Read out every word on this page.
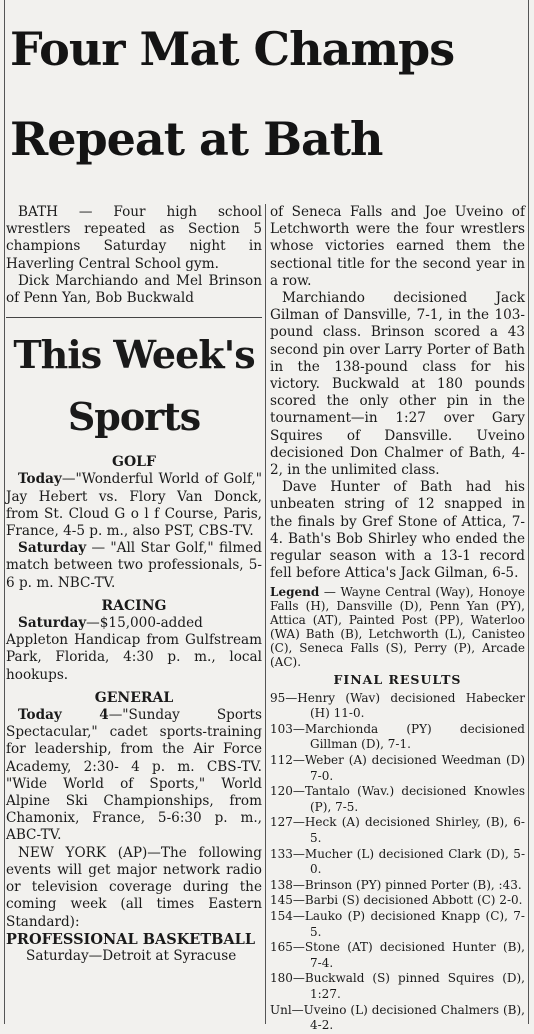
Four Mat Champs
Repeat at Bath

BATH — Four high school wrestlers repeated as Section 5 champions Saturday night in Haverling Central School gym.

Dick Marchiando and Mel Brinson of Penn Yan, Bob Buckwald

This Week's
Sports
GOLF

Today—"Wonderful World of Golf," Jay Hebert vs. Flory Van Donck, from St. Cloud G o l f Course, Paris, France, 4-5 p. m., also PST, CBS-TV.

Saturday — "All Star Golf," filmed match between two professionals, 5-6 p. m. NBC-TV.

RACING

Saturday—$15,000-added Appleton Handicap from Gulfstream Park, Florida, 4:30 p. m., local hookups.

GENERAL

Today 4—"Sunday Sports Spectacular," cadet sports-training for leadership, from the Air Force Academy, 2:30- 4 p. m. CBS-TV. "Wide World of Sports," World Alpine Ski Championships, from Chamonix, France, 5-6:30 p. m., ABC-TV.

NEW YORK (AP)—The following events will get major network radio or television coverage during the coming week (all times Eastern Standard):

PROFESSIONAL BASKETBALL

Saturday—Detroit at Syracuse

of Seneca Falls and Joe Uveino of Letchworth were the four wrestlers whose victories earned them the sectional title for the second year in a row.

Marchiando decisioned Jack Gilman of Dansville, 7-1, in the 103-pound class. Brinson scored a 43 second pin over Larry Porter of Bath in the 138-pound class for his victory. Buckwald at 180 pounds scored the only other pin in the tournament—in 1:27 over Gary Squires of Dansville. Uveino decisioned Don Chalmer of Bath, 4-2, in the unlimited class.

Dave Hunter of Bath had his unbeaten string of 12 snapped in the finals by Gref Stone of Attica, 7-4. Bath's Bob Shirley who ended the regular season with a 13-1 record fell before Attica's Jack Gilman, 6-5.

Legend — Wayne Central (Way), Honoye Falls (H), Dansville (D), Penn Yan (PY), Attica (AT), Painted Post (PP), Waterloo (WA) Bath (B), Letchworth (L), Canisteo (C), Seneca Falls (S), Perry (P), Arcade (AC).
FINAL RESULTS
95—Henry (Wav) decisioned Habecker (H) 11-0.
103—Marchionda (PY) decisioned Gillman (D), 7-1.
112—Weber (A) decisioned Weedman (D) 7-0.
120—Tantalo (Wav.) decisioned Knowles (P), 7-5.
127—Heck (A) decisioned Shirley, (B), 6-5.
133—Mucher (L) decisioned Clark (D), 5-0.
138—Brinson (PY) pinned Porter (B), :43.
145—Barbi (S) decisioned Abbott (C) 2-0.
154—Lauko (P) decisioned Knapp (C), 7-5.
165—Stone (AT) decisioned Hunter (B), 7-4.
180—Buckwald (S) pinned Squires (D), 1:27.
Unl—Uveino (L) decisioned Chalmers (B), 4-2.
